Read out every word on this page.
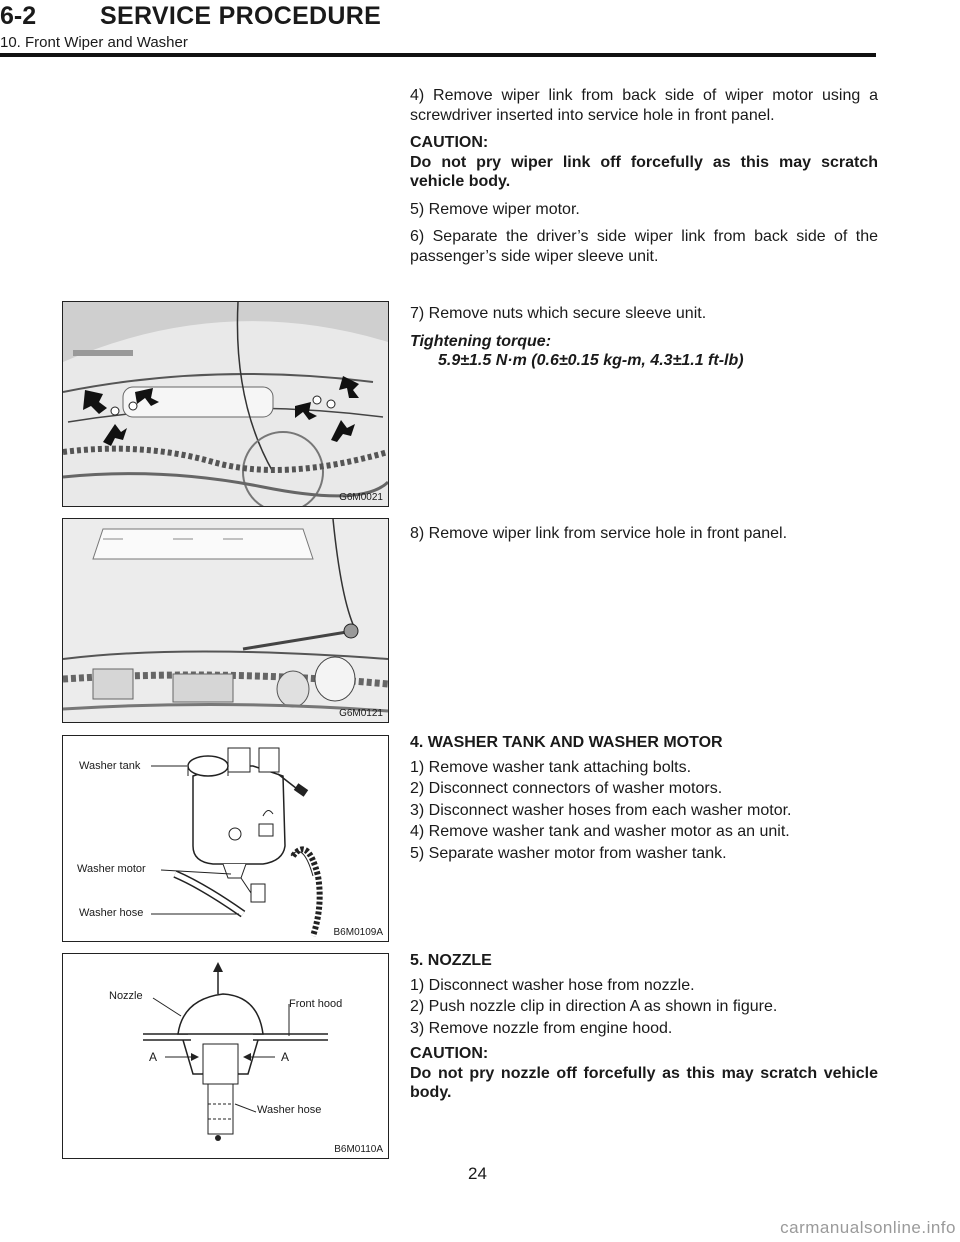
6-2	SERVICE PROCEDURE
10. Front Wiper and Washer

4) Remove wiper link from back side of wiper motor using a screwdriver inserted into service hole in front panel.

CAUTION:

Do not pry wiper link off forcefully as this may scratch vehicle body.

5) Remove wiper motor.

6) Separate the driver’s side wiper link from back side of the passenger’s side wiper sleeve unit.

G6M0021

7) Remove nuts which secure sleeve unit.

Tightening torque:

5.9±1.5 N·m (0.6±0.15 kg-m, 4.3±1.1 ft-lb)

G6M0121

8) Remove wiper link from service hole in front panel.

Washer tank
Washer motor
Washer hose
B6M0109A

4. WASHER TANK AND WASHER MOTOR

1) Remove washer tank attaching bolts.

2) Disconnect connectors of washer motors.

3) Disconnect washer hoses from each washer motor.

4) Remove washer tank and washer motor as an unit.

5) Separate washer motor from washer tank.

Nozzle
Front hood
A	A
Washer hose
B6M0110A

5. NOZZLE

1) Disconnect washer hose from nozzle.

2) Push nozzle clip in direction A as shown in figure.

3) Remove nozzle from engine hood.

CAUTION:

Do not pry nozzle off forcefully as this may scratch vehicle body.

24
carmanualsonline.info
